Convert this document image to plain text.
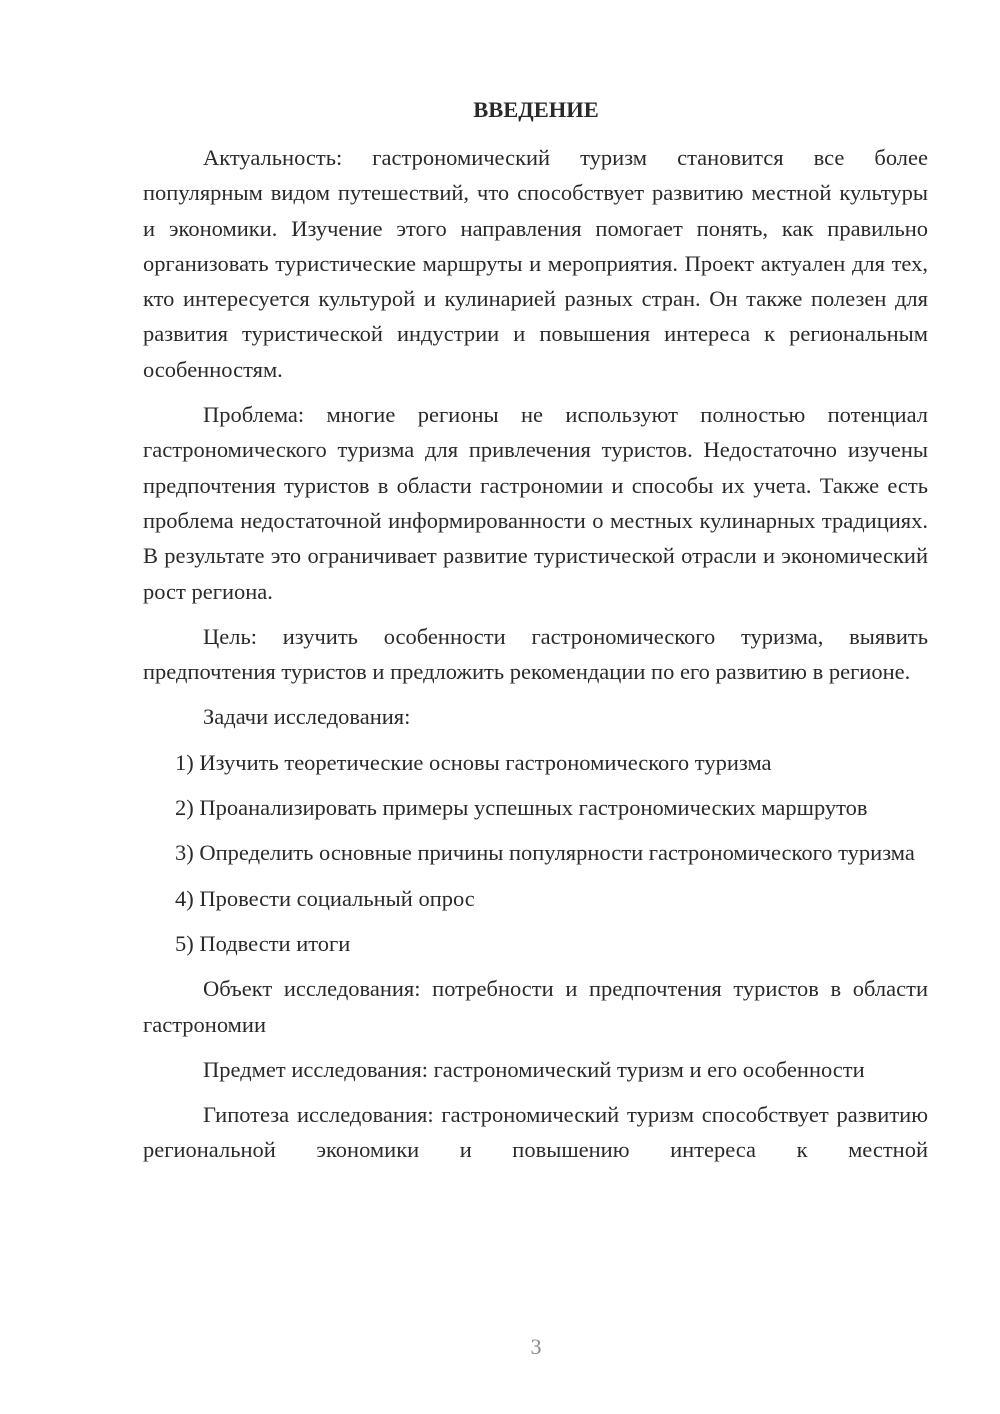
ВВЕДЕНИЕ

Актуальность: гастрономический туризм становится все более популярным видом путешествий, что способствует развитию местной культуры и экономики. Изучение этого направления помогает понять, как правильно организовать туристические маршруты и мероприятия. Проект актуален для тех, кто интересуется культурой и кулинарией разных стран. Он также полезен для развития туристической индустрии и повышения интереса к региональным особенностям.

Проблема: многие регионы не используют полностью потенциал гастрономического туризма для привлечения туристов. Недостаточно изучены предпочтения туристов в области гастрономии и способы их учета. Также есть проблема недостаточной информированности о местных кулинарных традициях. В результате это ограничивает развитие туристической отрасли и экономический рост региона.

Цель: изучить особенности гастрономического туризма, выявить предпочтения туристов и предложить рекомендации по его развитию в регионе.

Задачи исследования:

1) Изучить теоретические основы гастрономического туризма

2) Проанализировать примеры успешных гастрономических маршрутов

3) Определить основные причины популярности гастрономического туризма

4) Провести социальный опрос

5) Подвести итоги

Объект исследования: потребности и предпочтения туристов в области гастрономии

Предмет исследования: гастрономический туризм и его особенности

Гипотеза исследования: гастрономический туризм способствует развитию региональной экономики и повышению интереса к местной

3
